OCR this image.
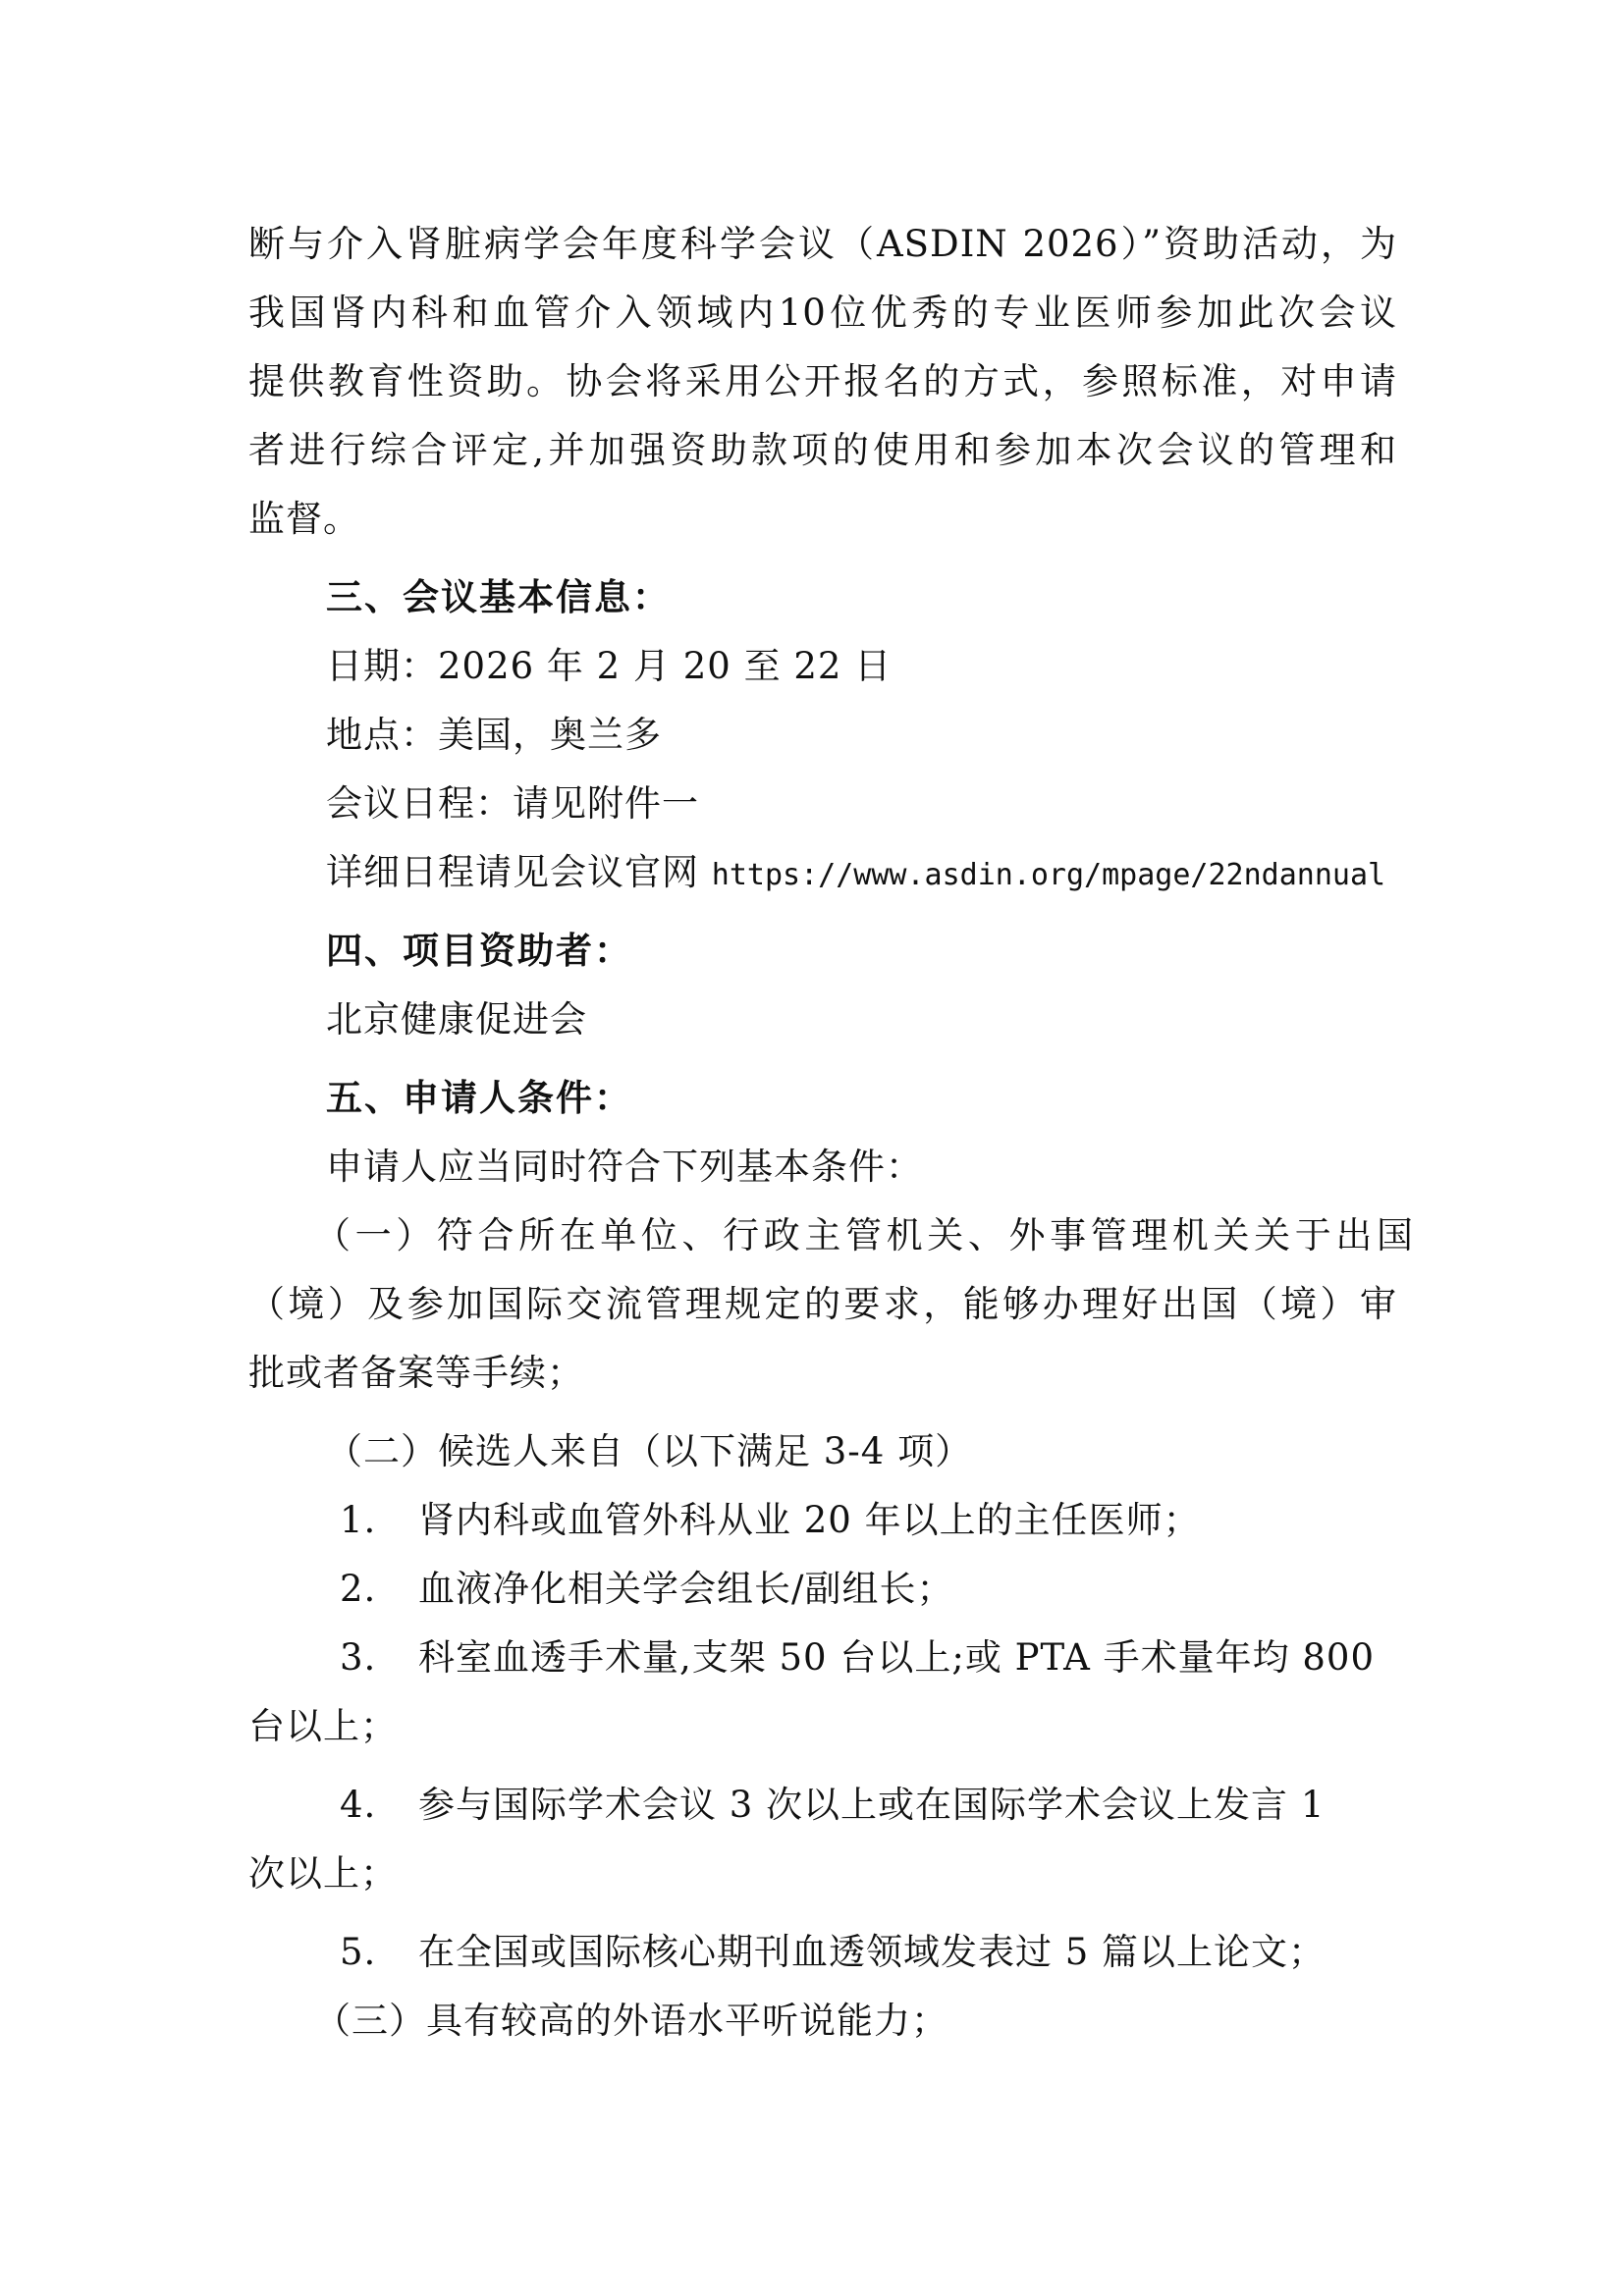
断与介入肾脏病学会年度科学会议（ASDIN 2026）”资助活动，为
我国肾内科和血管介入领域内10位优秀的专业医师参加此次会议
提供教育性资助。协会将采用公开报名的方式，参照标准，对申请
者进行综合评定,并加强资助款项的使用和参加本次会议的管理和
监督。
三、会议基本信息：
日期：2026 年 2 月 20 至 22 日
地点：美国，奥兰多
会议日程：请见附件一
详细日程请见会议官网 https://www.asdin.org/mpage/22ndannual
四、项目资助者：
北京健康促进会
五、申请人条件：
申请人应当同时符合下列基本条件：
（一）符合所在单位、行政主管机关、外事管理机关关于出国
（境）及参加国际交流管理规定的要求，能够办理好出国（境）审
批或者备案等手续；
（二）候选人来自（以下满足 3-4 项）
1. 肾内科或血管外科从业 20 年以上的主任医师；
2. 血液净化相关学会组长/副组长；
3. 科室血透手术量,支架 50 台以上;或 PTA 手术量年均 800
台以上；
4. 参与国际学术会议 3 次以上或在国际学术会议上发言 1
次以上；
5. 在全国或国际核心期刊血透领域发表过 5 篇以上论文；
（三）具有较高的外语水平听说能力；
